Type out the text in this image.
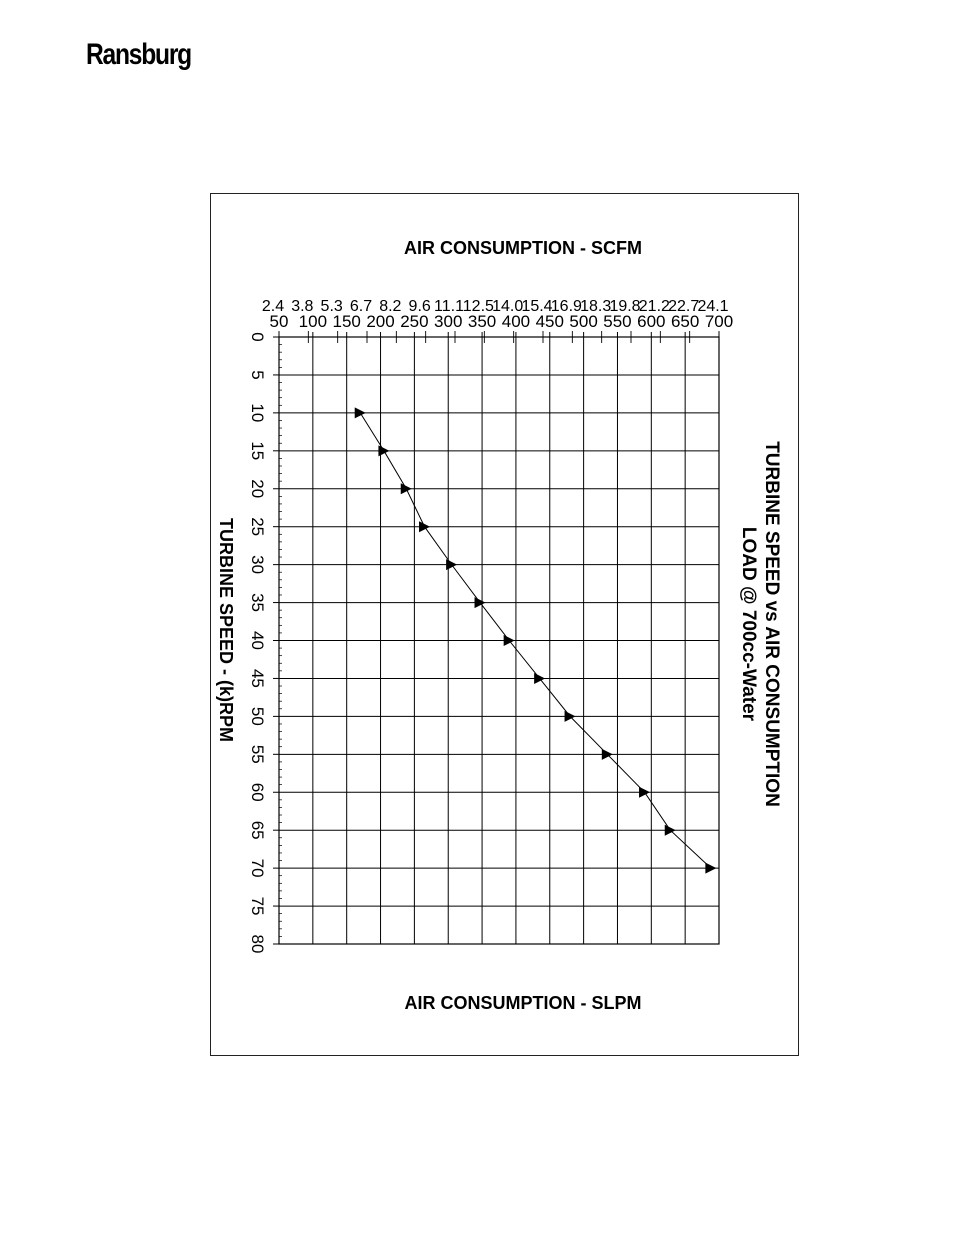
Ransburg
0
5
10
15
20
25
30
35
40
45
50
55
60
65
70
75
80
700
650
600
550
500
450
400
350
300
250
200
150
100
50
24.1
22.7
21.2
19.8
18.3
16.9
15.4
14.0
12.5
11.1
9.6
8.2
6.7
5.3
3.8
2.4
TURBINE SPEED vs AIR CONSUMPTION
LOAD @ 700cc-Water
TURBINE SPEED - (k)RPM
AIR CONSUMPTION - SLPM
AIR CONSUMPTION - SCFM
